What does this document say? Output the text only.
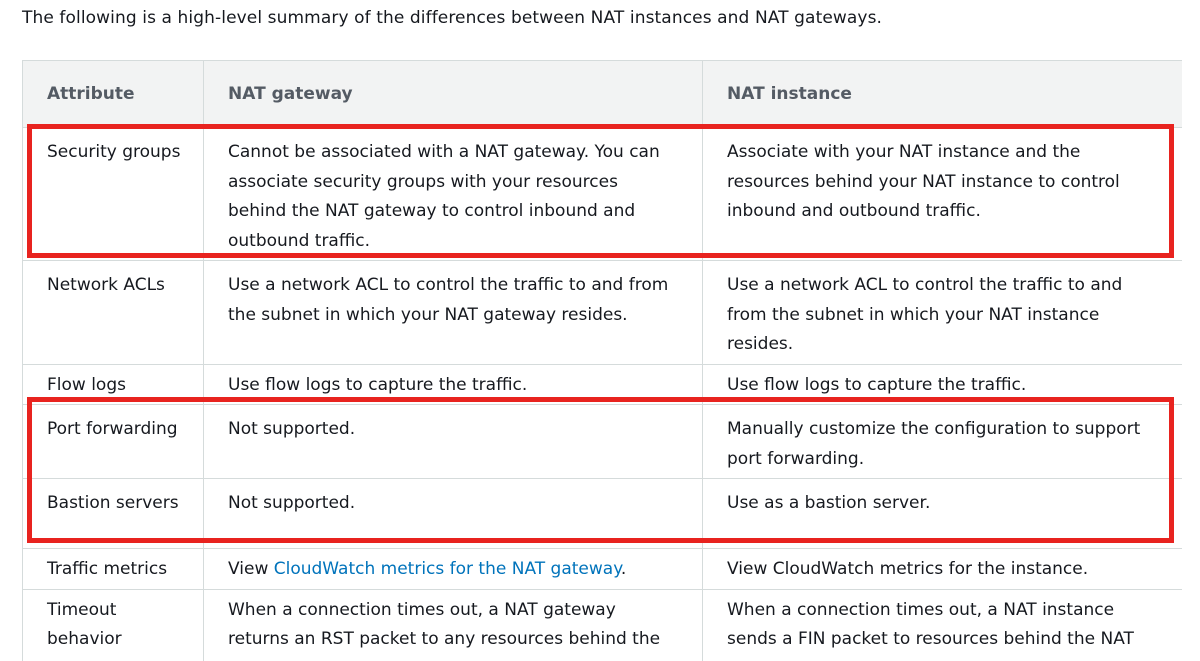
The following is a high-level summary of the differences between NAT instances and NAT gateways.
Attribute	NAT gateway	NAT instance
Security groups	Cannot be associated with a NAT gateway. You can associate security groups with your resources behind the NAT gateway to control inbound and outbound traffic.	Associate with your NAT instance and the resources behind your NAT instance to control inbound and outbound traffic.
Network ACLs	Use a network ACL to control the traffic to and from the subnet in which your NAT gateway resides.	Use a network ACL to control the traffic to and from the subnet in which your NAT instance resides.
Flow logs	Use flow logs to capture the traffic.	Use flow logs to capture the traffic.
Port forwarding	Not supported.	Manually customize the configuration to support port forwarding.
Bastion servers	Not supported.	Use as a bastion server.
Traffic metrics	View CloudWatch metrics for the NAT gateway.	View CloudWatch metrics for the instance.
Timeout behavior	When a connection times out, a NAT gateway returns an RST packet to any resources behind the	When a connection times out, a NAT instance sends a FIN packet to resources behind the NAT
